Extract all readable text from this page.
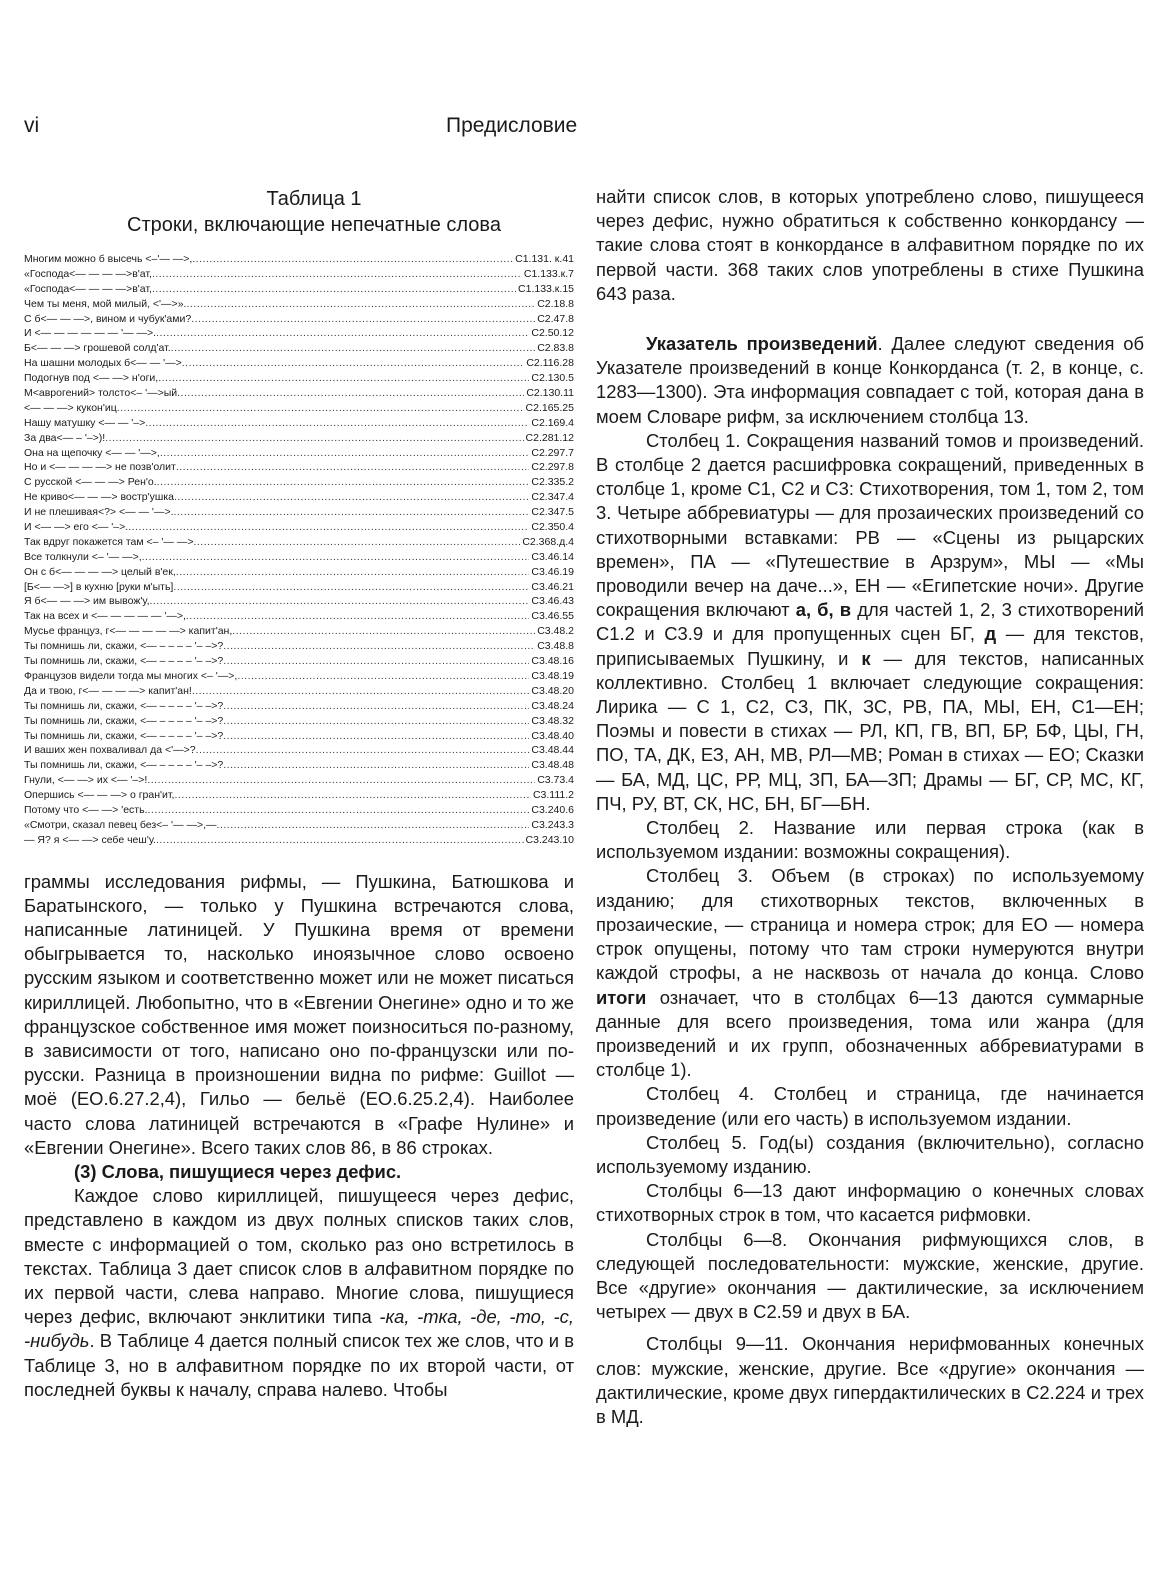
vi	Предисловие
Таблица 1
Строки, включающие непечатные слова
Многим можно б высечь <–'— —>, .....	С1.131. к.41
«Господа<— — — —>в'ат, .....	С1.133.к.7
«Господа<— — — —>в'ат, .....	С1.133.к.15
Чем ты меня, мой милый, <'—>». .....	С2.18.8
С б<— — —>, вином и чубук'ами? .....	С2.47.8
И <— — — — — — '— —>. .....	С2.50.12
Б<— — —> грошевой солд'ат. .....	С2.83.8
На шашни молодых б<— — '—> .....	С2.116.28
Подогнув под <— —> н'оги, .....	С2.130.5
М<аврогений> толсто<– '—>ый .....	С2.130.11
<— — —> кукон'иц .....	С2.165.25
Нашу матушку <— — '–> .....	С2.169.4
За два<— – '–>)! .....	С2.281.12
Она на щепочку <— — '—>, .....	С2.297.7
Но и <— — — —> не позв'олит .....	С2.297.8
С русской <— — —> Рен'о. .....	С2.335.2
Не криво<— — —> востр'ушка .....	С2.347.4
И не плешивая<?> <— — '—>. .....	С2.347.5
И <— —> его <— '–>. .....	С2.350.4
Так вдруг покажется там <– '— —> .....	С2.368.д.4
Все толкнули <– '— —>, .....	С3.46.14
Он с б<— — — —> целый в'ек, .....	С3.46.19
[Б<— —>] в кухню [руки м'ыть] .....	С3.46.21
Я б<— — —> им вывож'у, .....	С3.46.43
Так на всех и <— — — — — '—>, .....	С3.46.55
Мусье француз, г<— — — — —> капит'ан, .....	С3.48.2
Ты помнишь ли, скажи, <— – – – – '– –>? .....	С3.48.8
Ты помнишь ли, скажи, <— – – – – '– –>? .....	С3.48.16
Французов видели тогда мы многих <– '—>, .....	С3.48.19
Да и твою, г<— — — —> капит'ан! .....	С3.48.20
Ты помнишь ли, скажи, <— – – – – '– –>? .....	С3.48.24
Ты помнишь ли, скажи, <— – – – – '– –>? .....	С3.48.32
Ты помнишь ли, скажи, <— – – – – '– –>? .....	С3.48.40
И ваших жен похваливал да <'—>? .....	С3.48.44
Ты помнишь ли, скажи, <— – – – – '– –>? .....	С3.48.48
Гнули, <— —> их <— '–>! .....	С3.73.4
Опершись <— — —> о гран'ит, .....	С3.111.2
Потому что <— —> 'есть. .....	С3.240.6
«Смотри, сказал певец без<– '— —>,— .....	С3.243.3
— Я? я <— —> себе чеш'у. .....	С3.243.10

граммы исследования рифмы, — Пушкина, Батюшкова и Баратынского, — только у Пушкина встречаются слова, написанные латиницей. У Пушкина время от времени обыгрывается то, насколько иноязычное слово освоено русским языком и соответственно может или не может писаться кириллицей. Любопытно, что в «Евгении Онегине» одно и то же французское собственное имя может поизноситься по-разному, в зависимости от того, написано оно по-французски или по-русски. Разница в произношении видна по рифме: Guillot — моё (ЕО.6.27.2,4), Гильо — бельё (ЕО.6.25.2,4). Наиболее часто слова латиницей встречаются в «Графе Нулине» и «Евгении Онегине». Всего таких слов 86, в 86 строках.

(3) Слова, пишущиеся через дефис.

Каждое слово кириллицей, пишущееся через дефис, представлено в каждом из двух полных списков таких слов, вместе с информацией о том, сколько раз оно встретилось в текстах. Таблица 3 дает список слов в алфавитном порядке по их первой части, слева направо. Многие слова, пишущиеся через дефис, включают энклитики типа -ка, -тка, -де, -то, -с, -нибудь. В Таблице 4 дается полный список тех же слов, что и в Таблице 3, но в алфавитном порядке по их второй части, от последней буквы к началу, справа налево. Чтобы

найти список слов, в которых употреблено слово, пишущееся через дефис, нужно обратиться к собственно конкордансу — такие слова стоят в конкордансе в алфавитном порядке по их первой части. 368 таких слов употреблены в стихе Пушкина 643 раза.

Указатель произведений. Далее следуют сведения об Указателе произведений в конце Конкорданса (т. 2, в конце, с. 1283—1300). Эта информация совпадает с той, которая дана в моем Словаре рифм, за исключением столбца 13.

Столбец 1. Сокращения названий томов и произведений. В столбце 2 дается расшифровка сокращений, приведенных в столбце 1, кроме С1, С2 и С3: Стихотворения, том 1, том 2, том 3. Четыре аббревиатуры — для прозаических произведений со стихотворными вставками: РВ — «Сцены из рыцарских времен», ПА — «Путешествие в Арзрум», МЫ — «Мы проводили вечер на даче...», ЕН — «Египетские ночи». Другие сокращения включают а, б, в для частей 1, 2, 3 стихотворений С1.2 и С3.9 и для пропущенных сцен БГ, д — для текстов, приписываемых Пушкину, и к — для текстов, написанных коллективно. Столбец 1 включает следующие сокращения: Лирика — С 1, С2, С3, ПК, ЗС, РВ, ПА, МЫ, ЕН, С1—ЕН; Поэмы и повести в стихах — РЛ, КП, ГВ, ВП, БР, БФ, ЦЫ, ГН, ПО, ТА, ДК, ЕЗ, АН, МВ, РЛ—МВ; Роман в стихах — ЕО; Сказки — БА, МД, ЦС, РР, МЦ, ЗП, БА—ЗП; Драмы — БГ, СР, МС, КГ, ПЧ, РУ, ВТ, СК, НС, БН, БГ—БН.

Столбец 2. Название или первая строка (как в используемом издании: возможны сокращения).

Столбец 3. Объем (в строках) по используемому изданию; для стихотворных текстов, включенных в прозаические, — страница и номера строк; для ЕО — номера строк опущены, потому что там строки нумеруются внутри каждой строфы, а не насквозь от начала до конца. Слово итоги означает, что в столбцах 6—13 даются суммарные данные для всего произведения, тома или жанра (для произведений и их групп, обозначенных аббревиатурами в столбце 1).

Столбец 4. Столбец и страница, где начинается произведение (или его часть) в используемом издании.

Столбец 5. Год(ы) создания (включительно), согласно используемому изданию.

Столбцы 6—13 дают информацию о конечных словах стихотворных строк в том, что касается рифмовки.

Столбцы 6—8. Окончания рифмующихся слов, в следующей последовательности: мужские, женские, другие. Все «другие» окончания — дактилические, за исключением четырех — двух в С2.59 и двух в БА.

Столбцы 9—11. Окончания нерифмованных конечных слов: мужские, женские, другие. Все «другие» окончания — дактилические, кроме двух гипердактилических в С2.224 и трех в МД.
